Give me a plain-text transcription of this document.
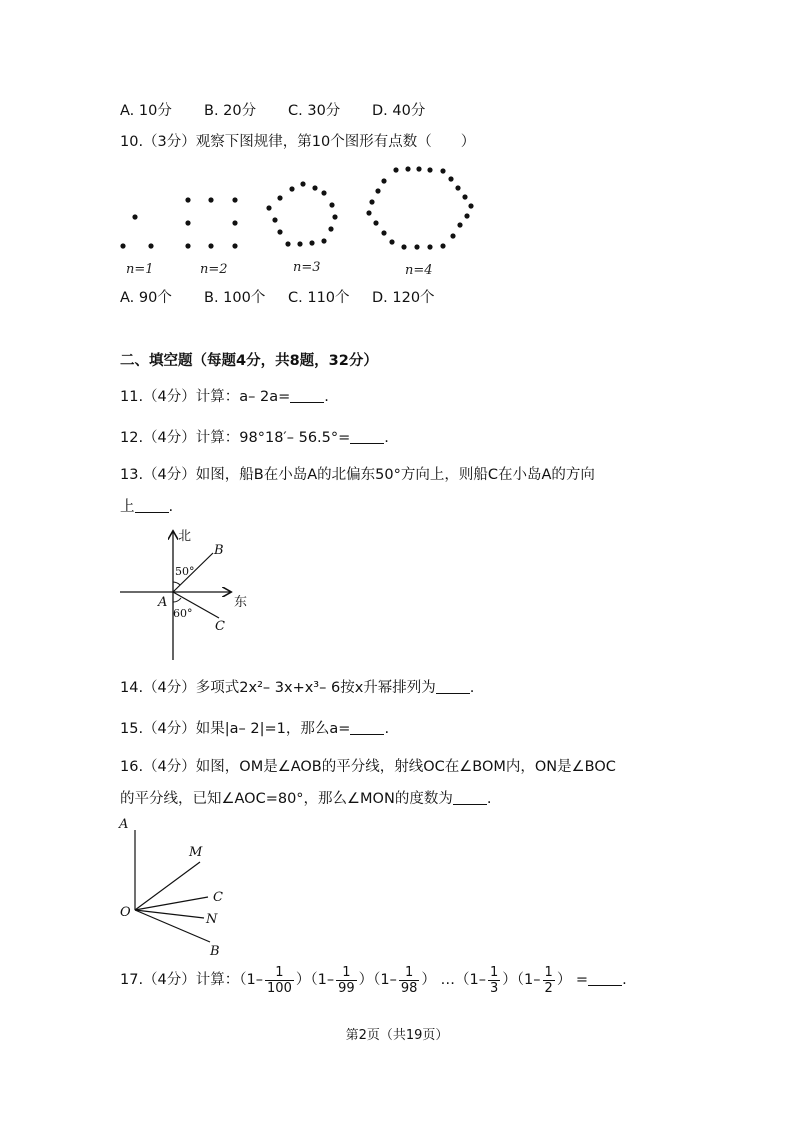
A. 10分 B. 20分 C. 30分 D. 40分
10.（3分）观察下图规律，第10个图形有点数（　　）
n=1	n=2	n=3	n=4
A. 90个 B. 100个 C. 110个 D. 120个
二、填空题（每题4分，共8题，32分）
11.（4分）计算：a– 2a= .
12.（4分）计算：98°18′– 56.5°= .
13.（4分）如图，船B在小岛A的北偏东50°方向上，则船C在小岛A的方向
上 .
北
东
A
B
C
50°
60°
14.（4分）多项式2x²– 3x+x³– 6按x升幂排列为 .
15.（4分）如果|a– 2|=1，那么a= .
16.（4分）如图，OM是∠AOB的平分线，射线OC在∠BOM内，ON是∠BOC
的平分线，已知∠AOC=80°，那么∠MON的度数为 .
A
M
C
N
O
B
17.（4分）计算：$(1- \frac{1}{100} )(1- \frac{1}{99} )(1- \frac{1}{98}$ ） …（1– $\frac{1}{3} )(1- \frac{1}{2}$ ） = .
第2页（共19页）
